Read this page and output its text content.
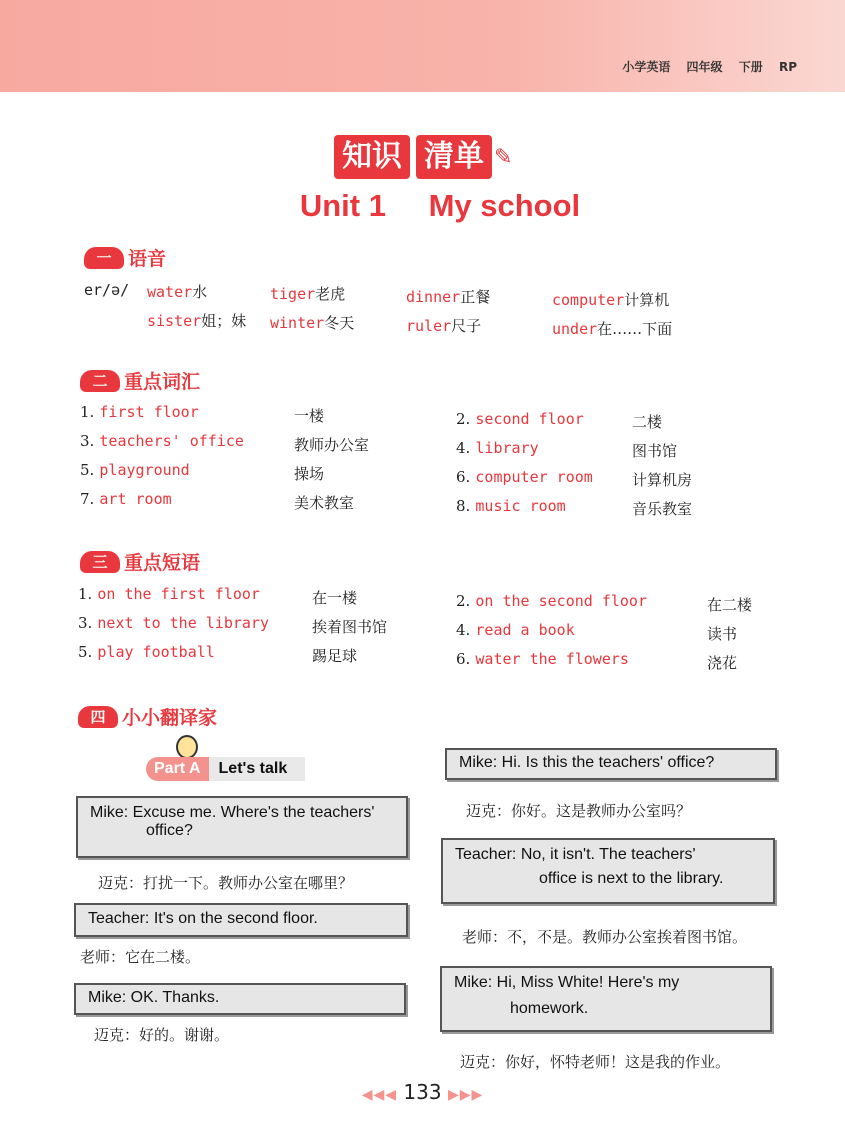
小学英语 四年级 下册 RP
知识 清单 ✎
Unit 1 My school
一 语音
er/ə/ water水	tiger老虎	dinner正餐	computer计算机
sister姐；妹 winter冬天	ruler尺子	under在……下面
二 重点词汇
1. first floor	一楼	2. second floor	二楼
3. teachers' office	教师办公室	4. library	图书馆
5. playground	操场	6. computer room	计算机房
7. art room	美术教室	8. music room	音乐教室
三 重点短语
1. on the first floor	在一楼	2. on the second floor	在二楼
3. next to the library	挨着图书馆	4. read a book	读书
5. play football	踢足球	6. water the flowers	浇花
四 小小翻译家
Part A	Let's talk
Mike: Excuse me. Where's the teachers'
office?
迈克：打扰一下。教师办公室在哪里？
Teacher: It's on the second floor.
老师：它在二楼。
Mike: OK. Thanks.
迈克：好的。谢谢。
Mike: Hi. Is this the teachers' office?
迈克：你好。这是教师办公室吗？
Teacher: No, it isn't. The teachers'
office is next to the library.
老师：不，不是。教师办公室挨着图书馆。
Mike: Hi, Miss White! Here's my
homework.
迈克：你好，怀特老师！这是我的作业。
◀◀◀ 133 ▶▶▶
